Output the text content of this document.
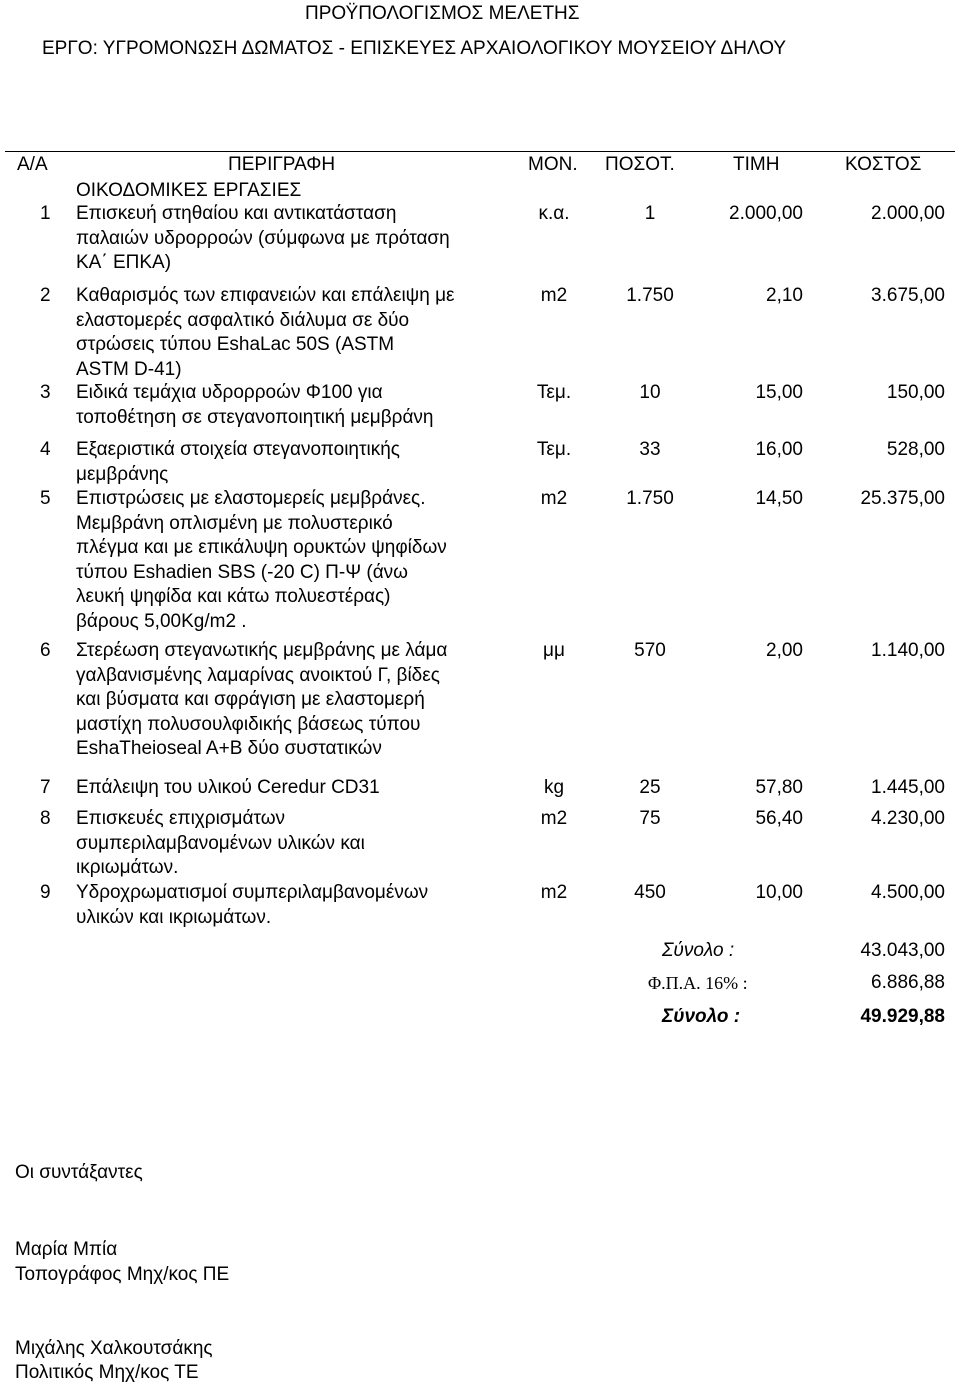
ΠΡΟΫΠΟΛΟΓΙΣΜΟΣ ΜΕΛΕΤΗΣ
ΕΡΓΟ: ΥΓΡΟΜΟΝΩΣΗ ΔΩΜΑΤΟΣ - ΕΠΙΣΚΕΥΕΣ ΑΡΧΑΙΟΛΟΓΙΚΟΥ ΜΟΥΣΕΙΟΥ ΔΗΛΟΥ
Α/Α	ΠΕΡΙΓΡΑΦΗ	ΜΟΝ. ΠΟΣΟΤ.	ΤΙΜΗ	ΚΟΣΤΟΣ
ΟΙΚΟΔΟΜΙΚΕΣ ΕΡΓΑΣΙΕΣ
1 Επισκευή στηθαίου και αντικατάσταση
παλαιών υδρορροών (σύμφωνα με πρόταση
ΚΑ΄ ΕΠΚΑ)
κ.α.	1	2.000,00	2.000,00
2 Καθαρισμός των επιφανειών και επάλειψη με
ελαστομερές ασφαλτικό διάλυμα σε δύο
στρώσεις τύπου EshaLac 50S (ASTM
ASTM D-41)
m2	1.750	2,10	3.675,00
3 Ειδικά τεμάχια υδρορροών Φ100 για
τοποθέτηση σε στεγανοποιητική μεμβράνη
Τεμ.	10	15,00	150,00
4 Εξαεριστικά στοιχεία στεγανοποιητικής
μεμβράνης
Τεμ.	33	16,00	528,00
5 Επιστρώσεις με ελαστομερείς μεμβράνες.
Μεμβράνη οπλισμένη με πολυστερικό
πλέγμα και με επικάλυψη ορυκτών ψηφίδων
τύπου Eshadien SBS (-20 C) Π-Ψ (άνω
λευκή ψηφίδα και κάτω πολυεστέρας)
βάρους 5,00Kg/m2 .
m2	1.750	14,50	25.375,00
6 Στερέωση στεγανωτικής μεμβράνης με λάμα
γαλβανισμένης λαμαρίνας ανοικτού Γ, βίδες
και βύσματα και σφράγιση με ελαστομερή
μαστίχη πολυσουλφιδικής βάσεως τύπου
EshaTheioseal A+B δύο συστατικών
μμ	570	2,00	1.140,00
7 Επάλειψη του υλικού Ceredur CD31	kg	25	57,80	1.445,00
8 Επισκευές επιχρισμάτων
συμπεριλαμβανομένων υλικών και
ικριωμάτων.
m2	75	56,40	4.230,00
9 Υδροχρωματισμοί συμπεριλαμβανομένων
υλικών και ικριωμάτων.
m2	450	10,00	4.500,00
Σύνολο :	43.043,00
Φ.Π.Α. 16% :	6.886,88
Σύνολο :	49.929,88
Οι συντάξαντες
Μαρία Μπία
Τοπογράφος Μηχ/κος ΠΕ
Μιχάλης Χαλκουτσάκης
Πολιτικός Μηχ/κος ΤΕ
